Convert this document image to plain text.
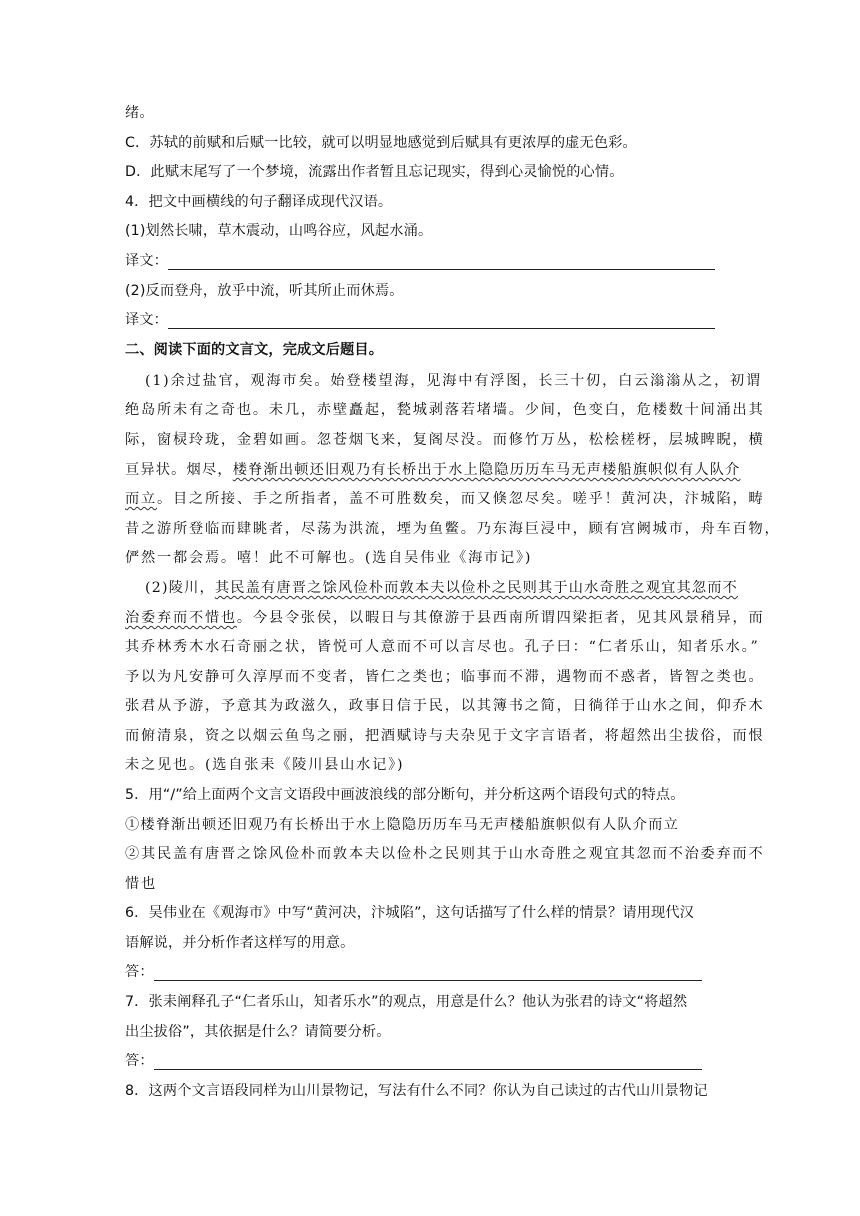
绪。
C．苏轼的前赋和后赋一比较，就可以明显地感觉到后赋具有更浓厚的虚无色彩。
D．此赋末尾写了一个梦境，流露出作者暂且忘记现实，得到心灵愉悦的心情。
4．把文中画横线的句子翻译成现代汉语。
(1)划然长啸，草木震动，山鸣谷应，风起水涌。
译文：
(2)反而登舟，放乎中流，听其所止而休焉。
译文：
二、阅读下面的文言文，完成文后题目。
(1)余过盐官，观海市矣。始登楼望海，见海中有浮图，长三十仞，白云滃滃从之，初谓
绝岛所未有之奇也。未几，赤壁矗起，甃城剥落若堵墙。少间，色变白，危楼数十间涌出其
际，窗棂玲珑，金碧如画。忽苍烟飞来，复阁尽没。而修竹万丛，松桧槎枒，层城睥睨，横
亘异状。烟尽，楼脊渐出顿还旧观乃有长桥出于水上隐隐历历车马无声楼船旗帜似有人队介
而立。目之所接、手之所指者，盖不可胜数矣，而又倏忽尽矣。嗟乎！黄河决，汴城陷，畴
昔之游所登临而肆眺者，尽荡为洪流，堙为鱼鳖。乃东海巨浸中，顾有宫阙城市，舟车百物，
俨然一都会焉。嘻！此不可解也。(选自吴伟业《海市记》)
(2)陵川，其民盖有唐晋之馀风俭朴而敦本夫以俭朴之民则其于山水奇胜之观宜其忽而不
治委弃而不惜也。今县令张侯，以暇日与其僚游于县西南所谓四梁拒者，见其风景稍异，而
其乔林秀木水石奇丽之状，皆悦可人意而不可以言尽也。孔子曰：“仁者乐山，知者乐水。”
予以为凡安静可久淳厚而不变者，皆仁之类也；临事而不滞，遇物而不惑者，皆智之类也。
张君从予游，予意其为政滋久，政事日信于民，以其簿书之简，日徜徉于山水之间，仰乔木
而俯清泉，资之以烟云鱼鸟之丽，把酒赋诗与夫杂见于文字言语者，将超然出尘拔俗，而恨
未之见也。(选自张耒《陵川县山水记》)
5．用“/”给上面两个文言文语段中画波浪线的部分断句，并分析这两个语段句式的特点。
①楼脊渐出顿还旧观乃有长桥出于水上隐隐历历车马无声楼船旗帜似有人队介而立
②其民盖有唐晋之馀风俭朴而敦本夫以俭朴之民则其于山水奇胜之观宜其忽而不治委弃而不
惜也
6．吴伟业在《观海市》中写“黄河决，汴城陷”，这句话描写了什么样的情景？请用现代汉
语解说，并分析作者这样写的用意。
答：
7．张耒阐释孔子“仁者乐山，知者乐水”的观点，用意是什么？他认为张君的诗文“将超然
出尘拔俗”，其依据是什么？请简要分析。
答：
8．这两个文言语段同样为山川景物记，写法有什么不同？你认为自己读过的古代山川景物记
